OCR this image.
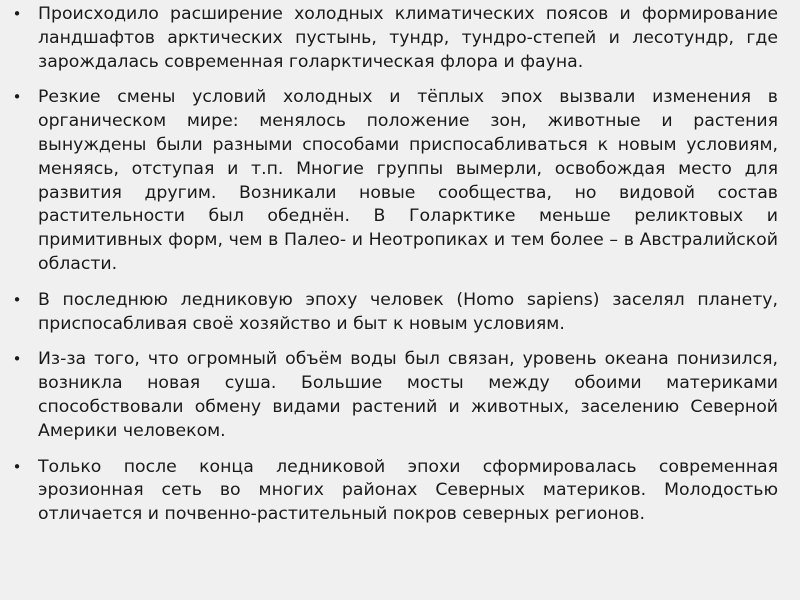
• Происходило расширение холодных климатических поясов и формирование ландшафтов арктических пустынь, тундр, тундро-степей и лесотундр, где зарождалась современная голарктическая флора и фауна.
• Резкие смены условий холодных и тёплых эпох вызвали изменения в органическом мире: менялось положение зон, животные и растения вынуждены были разными способами приспосабливаться к новым условиям, меняясь, отступая и т.п. Многие группы вымерли, освобождая место для развития другим. Возникали новые сообщества, но видовой состав растительности был обеднён. В Голарктике меньше реликтовых и примитивных форм, чем в Палео- и Неотропиках и тем более – в Австралийской области.
• В последнюю ледниковую эпоху человек (Homo sapiens) заселял планету, приспосабливая своё хозяйство и быт к новым условиям.
• Из-за того, что огромный объём воды был связан, уровень океана понизился, возникла новая суша. Большие мосты между обоими материками способствовали обмену видами растений и животных, заселению Северной Америки человеком.
• Только после конца ледниковой эпохи сформировалась современная эрозионная сеть во многих районах Северных материков. Молодостью отличается и почвенно-растительный покров северных регионов.
